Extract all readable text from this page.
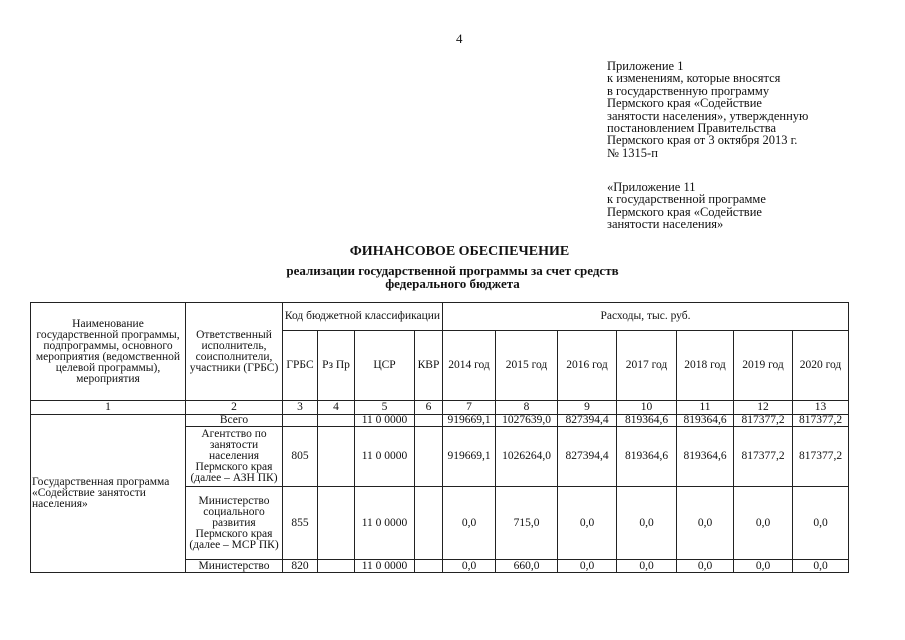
4
Приложение 1
к изменениям, которые вносятся
в государственную программу
Пермского края «Содействие
занятости населения», утвержденную
постановлением Правительства
Пермского края от 3 октября 2013 г.
№ 1315-п
«Приложение 11
к государственной программе
Пермского края «Содействие
занятости населения»
ФИНАНСОВОЕ ОБЕСПЕЧЕНИЕ
реализации государственной программы за счет средств
федерального бюджета
Наименование государственной программы, подпрограммы, основного мероприятия (ведомственной целевой программы), мероприятия	Ответственный исполнитель, соисполнители, участники (ГРБС)	Код бюджетной классификации				Расходы, тыс. руб.						
		ГРБС	Рз Пр	ЦСР	КВР	2014 год	2015 год	2016 год	2017 год	2018 год	2019 год	2020 год
1	2	3	4	5	6	7	8	9	10	11	12	13
Государственная программа «Содействие занятости населения»	Всего			11 0 0000		919669,1	1027639,0	827394,4	819364,6	819364,6	817377,2	817377,2
	Агентство по занятости населения Пермского края (далее – АЗН ПК)	805		11 0 0000		919669,1	1026264,0	827394,4	819364,6	819364,6	817377,2	817377,2
	Министерство социального развития Пермского края (далее – МСР ПК)	855		11 0 0000		0,0	715,0	0,0	0,0	0,0	0,0	0,0
	Министерство	820		11 0 0000		0,0	660,0	0,0	0,0	0,0	0,0	0,0
